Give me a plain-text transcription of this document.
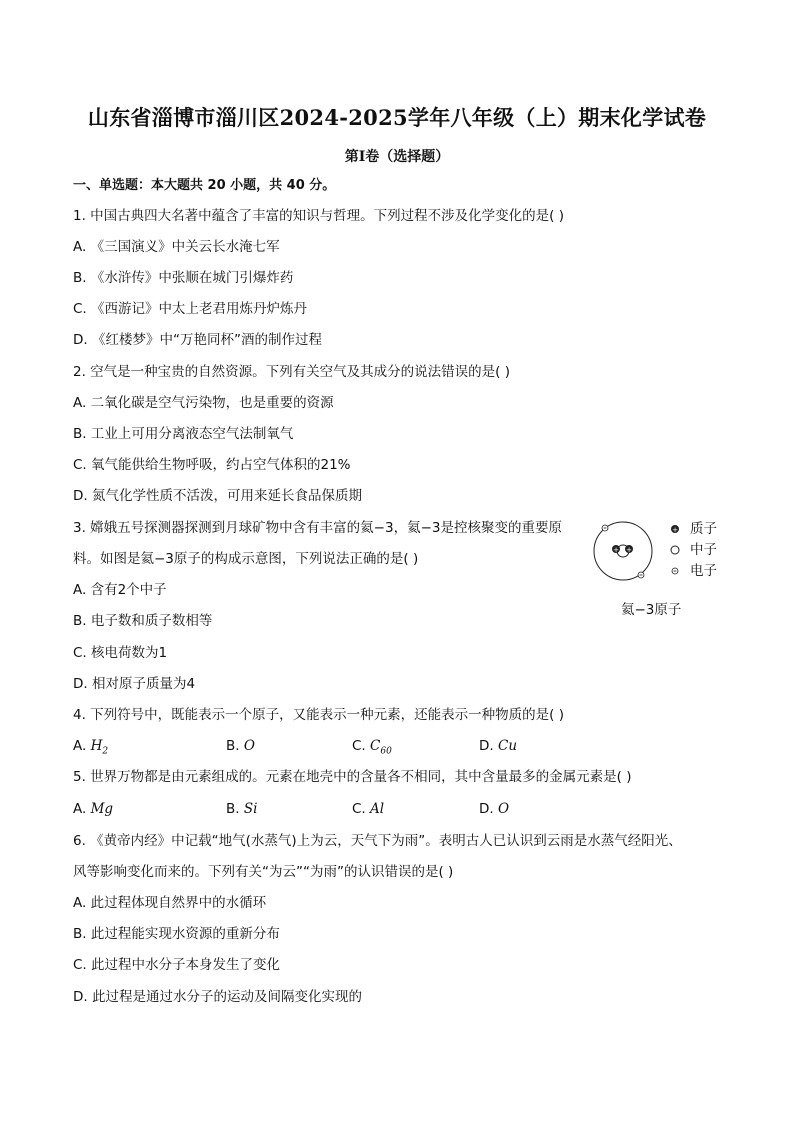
山东省淄博市淄川区2024-2025学年八年级（上）期末化学试卷
第I卷（选择题）
一、单选题：本大题共 20 小题，共 40 分。
1. 中国古典四大名著中蕴含了丰富的知识与哲理。下列过程不涉及化学变化的是( )
A. 《三国演义》中关云长水淹七军
B. 《水浒传》中张顺在城门引爆炸药
C. 《西游记》中太上老君用炼丹炉炼丹
D. 《红楼梦》中“万艳同杯”酒的制作过程
2. 空气是一种宝贵的自然资源。下列有关空气及其成分的说法错误的是( )
A. 二氧化碳是空气污染物，也是重要的资源
B. 工业上可用分离液态空气法制氧气
C. 氧气能供给生物呼吸，约占空气体积的21%
D. 氮气化学性质不活泼，可用来延长食品保质期
3. 嫦娥五号探测器探测到月球矿物中含有丰富的氦−3，氦−3是控核聚变的重要原
料。如图是氦−3原子的构成示意图，下列说法正确的是( )
A. 含有2个中子
B. 电子数和质子数相等
C. 核电荷数为1
D. 相对原子质量为4
+ +
+ 质子
中子
电子
氦−3原子
4. 下列符号中，既能表示一个原子，又能表示一种元素，还能表示一种物质的是( )
A. $H_2$	B. O	C. $C_{60}$	D. Cu
5. 世界万物都是由元素组成的。元素在地壳中的含量各不相同，其中含量最多的金属元素是( )
A. Mg	B. Si	C. Al	D. O
6. 《黄帝内经》中记载“地气(水蒸气)上为云，天气下为雨”。表明古人已认识到云雨是水蒸气经阳光、
风等影响变化而来的。下列有关“为云”“为雨”的认识错误的是( )
A. 此过程体现自然界中的水循环
B. 此过程能实现水资源的重新分布
C. 此过程中水分子本身发生了变化
D. 此过程是通过水分子的运动及间隔变化实现的
